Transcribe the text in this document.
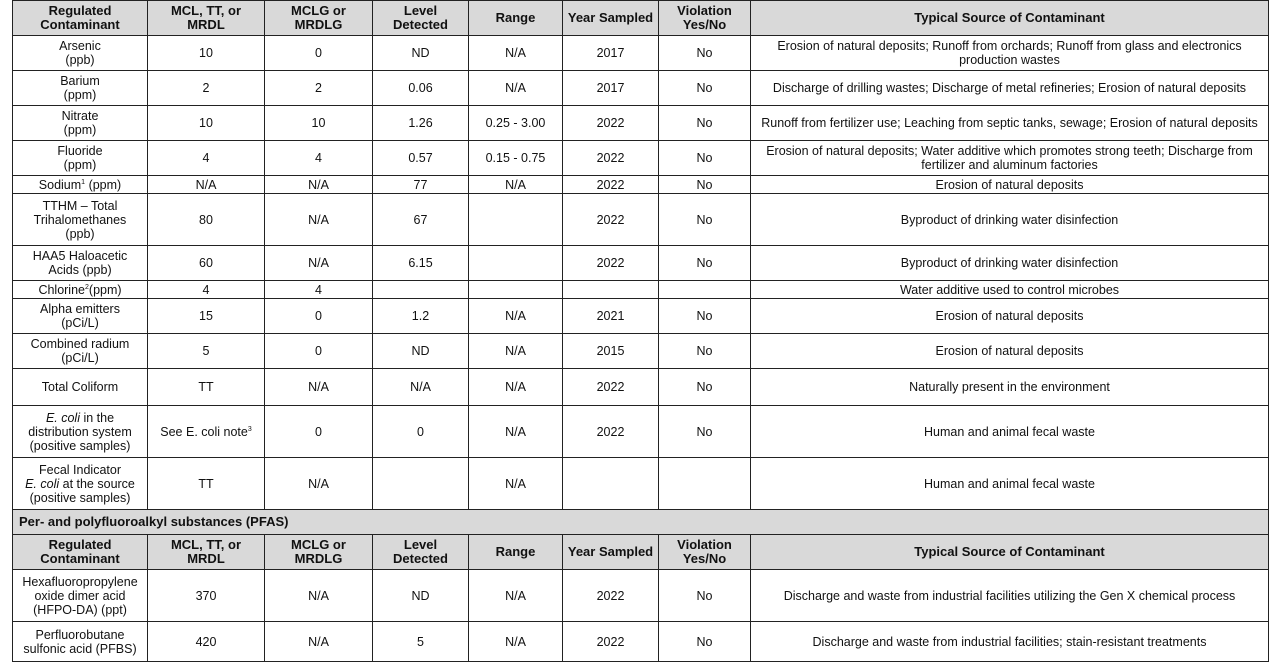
Regulated Contaminant	MCL, TT, or MRDL	MCLG or MRDLG	Level Detected	Range	Year Sampled	Violation Yes/No	Typical Source of Contaminant
Arsenic
(ppb)	10	0	ND	N/A	2017	No	Erosion of natural deposits; Runoff from orchards; Runoff from glass and electronics production wastes
Barium
(ppm)	2	2	0.06	N/A	2017	No	Discharge of drilling wastes; Discharge of metal refineries; Erosion of natural deposits
Nitrate
(ppm)	10	10	1.26	0.25 - 3.00	2022	No	Runoff from fertilizer use; Leaching from septic tanks, sewage; Erosion of natural deposits
Fluoride
(ppm)	4	4	0.57	0.15 - 0.75	2022	No	Erosion of natural deposits; Water additive which promotes strong teeth; Discharge from fertilizer and aluminum factories
Sodium$^1$ (ppm)	N/A	N/A	77	N/A	2022	No	Erosion of natural deposits
TTHM – Total Trihalomethanes
(ppb)	80	N/A	67		2022	No	Byproduct of drinking water disinfection
HAA5 Haloacetic Acids (ppb)	60	N/A	6.15		2022	No	Byproduct of drinking water disinfection
Chlorine$^2$(ppm)	4	4					Water additive used to control microbes
Alpha emitters
(pCi/L)	15	0	1.2	N/A	2021	No	Erosion of natural deposits
Combined radium
(pCi/L)	5	0	ND	N/A	2015	No	Erosion of natural deposits
Total Coliform	TT	N/A	N/A	N/A	2022	No	Naturally present in the environment
E. coli in the distribution system
(positive samples)	See E. coli note$^3$	0	0	N/A	2022	No	Human and animal fecal waste
Fecal Indicator
E. coli at the source
(positive samples)	TT	N/A		N/A			Human and animal fecal waste
Per- and polyfluoroalkyl substances (PFAS)							
Regulated Contaminant	MCL, TT, or MRDL	MCLG or MRDLG	Level Detected	Range	Year Sampled	Violation Yes/No	Typical Source of Contaminant
Hexafluoropropylene oxide dimer acid (HFPO-DA) (ppt)	370	N/A	ND	N/A	2022	No	Discharge and waste from industrial facilities utilizing the Gen X chemical process
Perfluorobutane sulfonic acid (PFBS)	420	N/A	5	N/A	2022	No	Discharge and waste from industrial facilities; stain-resistant treatments
